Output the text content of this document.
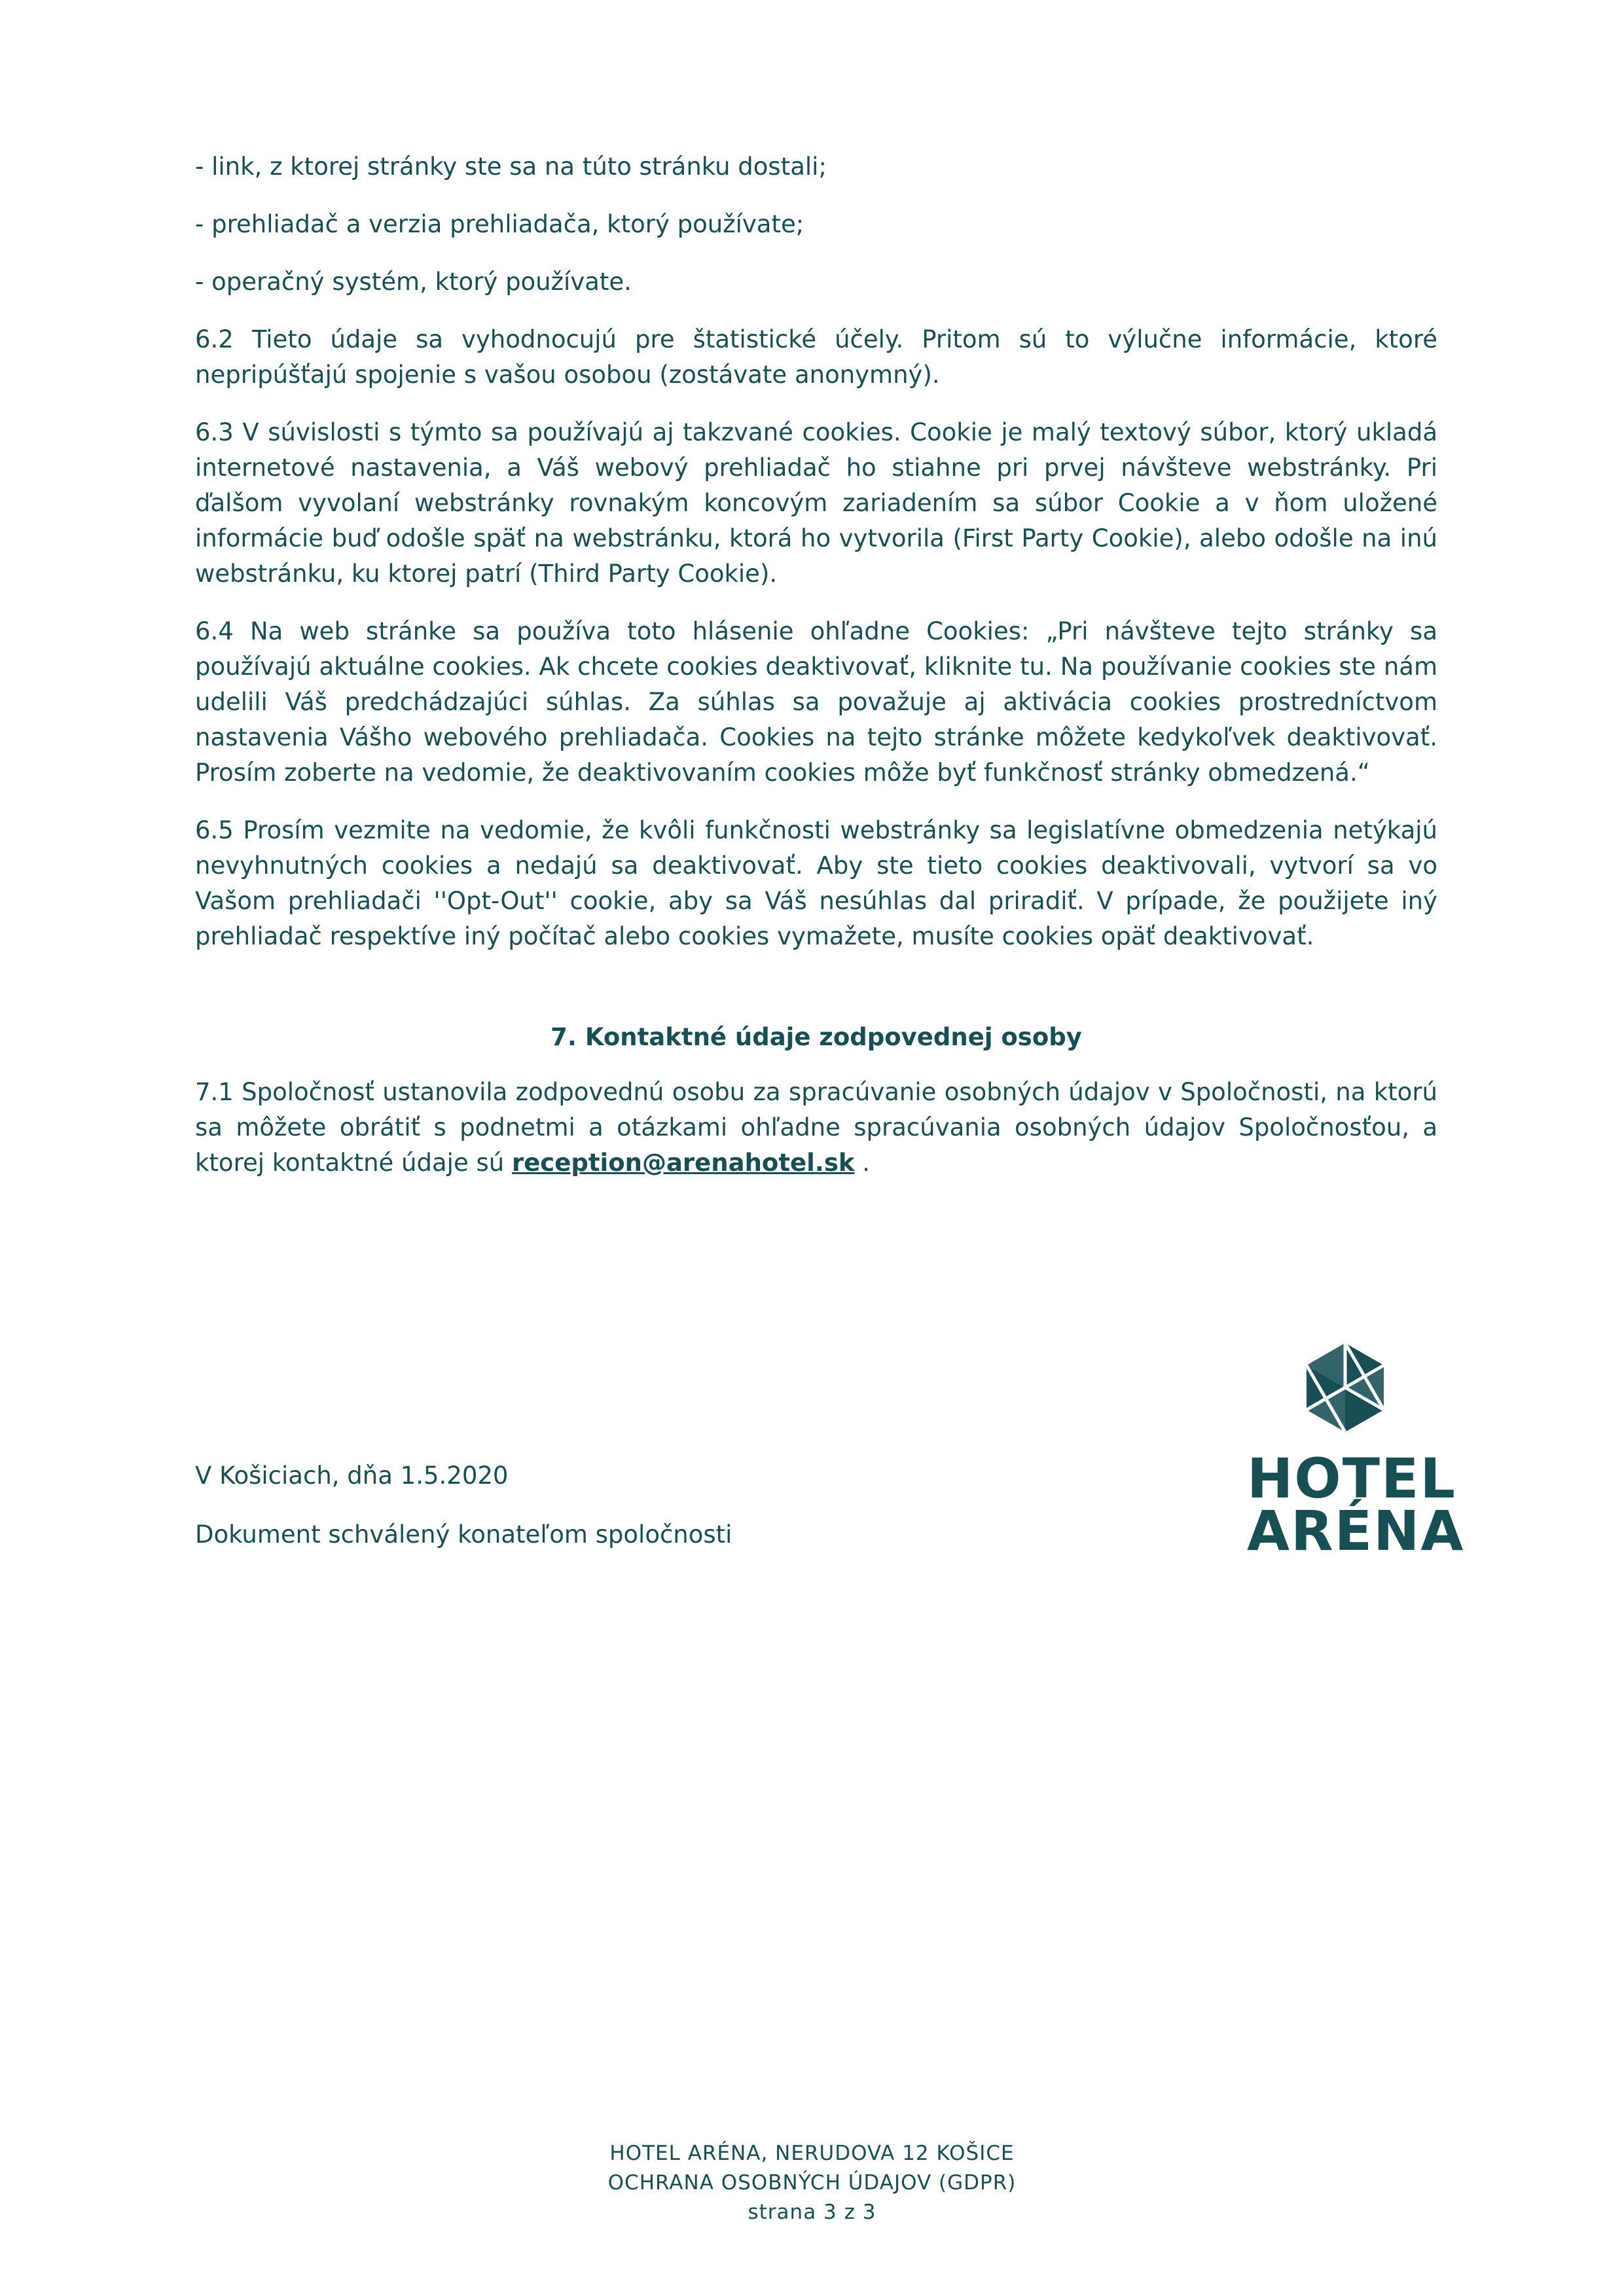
- link, z ktorej stránky ste sa na túto stránku dostali;

- prehliadač a verzia prehliadača, ktorý používate;

- operačný systém, ktorý používate.

6.2 Tieto údaje sa vyhodnocujú pre štatistické účely. Pritom sú to výlučne informácie, ktoré nepripúšťajú spojenie s vašou osobou (zostávate anonymný).

6.3 V súvislosti s týmto sa používajú aj takzvané cookies. Cookie je malý textový súbor, ktorý ukladá internetové nastavenia, a Váš webový prehliadač ho stiahne pri prvej návšteve webstránky. Pri ďalšom vyvolaní webstránky rovnakým koncovým zariadením sa súbor Cookie a v ňom uložené informácie buď odošle späť na webstránku, ktorá ho vytvorila (First Party Cookie), alebo odošle na inú webstránku, ku ktorej patrí (Third Party Cookie).

6.4 Na web stránke sa používa toto hlásenie ohľadne Cookies: „Pri návšteve tejto stránky sa používajú aktuálne cookies. Ak chcete cookies deaktivovať, kliknite tu. Na používanie cookies ste nám udelili Váš predchádzajúci súhlas. Za súhlas sa považuje aj aktivácia cookies prostredníctvom nastavenia Vášho webového prehliadača. Cookies na tejto stránke môžete kedykoľvek deaktivovať. Prosím zoberte na vedomie, že deaktivovaním cookies môže byť funkčnosť stránky obmedzená.“

6.5 Prosím vezmite na vedomie, že kvôli funkčnosti webstránky sa legislatívne obmedzenia netýkajú nevyhnutných cookies a nedajú sa deaktivovať. Aby ste tieto cookies deaktivovali, vytvorí sa vo Vašom prehliadači ''Opt-Out'' cookie, aby sa Váš nesúhlas dal priradiť. V prípade, že použijete iný prehliadač respektíve iný počítač alebo cookies vymažete, musíte cookies opäť deaktivovať.

7. Kontaktné údaje zodpovednej osoby

7.1 Spoločnosť ustanovila zodpovednú osobu za spracúvanie osobných údajov v Spoločnosti, na ktorú sa môžete obrátiť s podnetmi a otázkami ohľadne spracúvania osobných údajov Spoločnosťou, a ktorej kontaktné údaje sú reception@arenahotel.sk .

V Košiciach, dňa 1.5.2020
Dokument schválený konateľom spoločnosti
HOTEL
ARÉNA
HOTEL ARÉNA, NERUDOVA 12 KOŠICE
OCHRANA OSOBNÝCH ÚDAJOV (GDPR)
strana 3 z 3
